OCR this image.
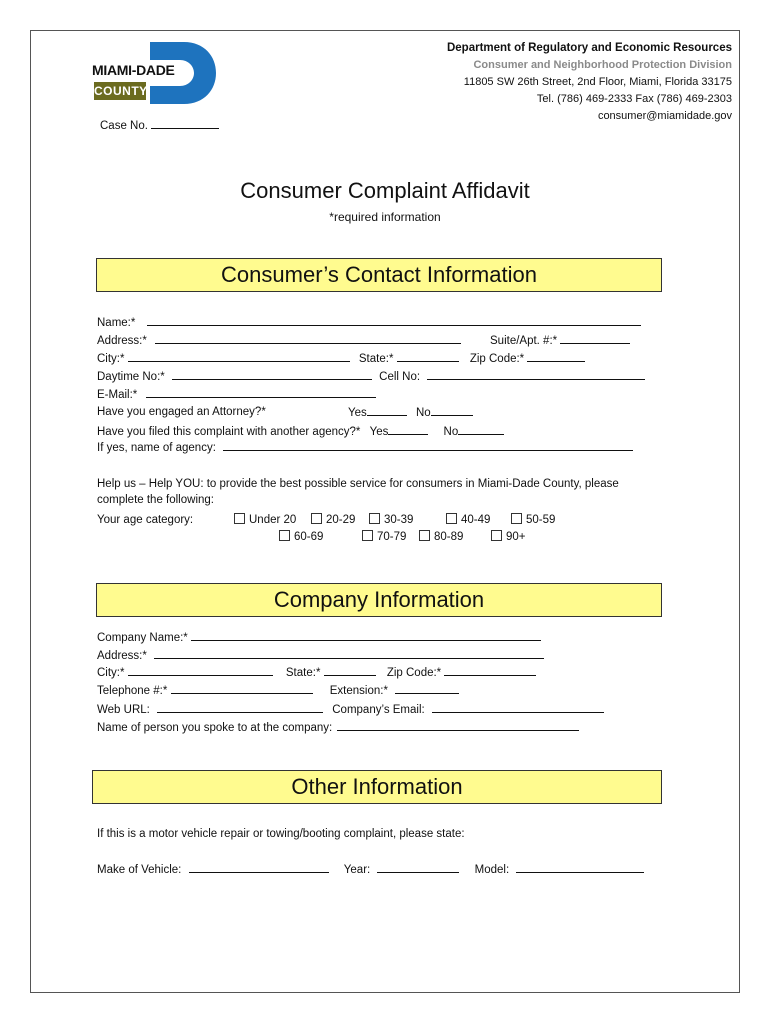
MIAMI-DADE
COUNTY
Department of Regulatory and Economic Resources
Consumer and Neighborhood Protection Division
11805 SW 26th Street, 2nd Floor, Miami, Florida 33175
Tel. (786) 469-2333 Fax (786) 469-2303
consumer@miamidade.gov
Case No.
Consumer Complaint Affidavit
*required information
Consumer’s Contact Information
Name:*
Address:*	Suite/Apt. #:*
City:*	State:*	Zip Code:*
Daytime No:*	Cell No:
E-Mail:*
Have you engaged an Attorney?*	Yes	No
Have you filed this complaint with another agency?* Yes	No
If yes, name of agency:
Help us – Help YOU: to provide the best possible service for consumers in Miami-Dade County, please
complete the following:
Your age category:	Under 20	20-29	30-39	40-49	50-59
60-69	70-79	80-89	90+
Company Information
Company Name:*
Address:*
City:*	State:*	Zip Code:*
Telephone #:*	Extension:*
Web URL:	Company’s Email:
Name of person you spoke to at the company:
Other Information
If this is a motor vehicle repair or towing/booting complaint, please state:
Make of Vehicle:	Year:	Model:
